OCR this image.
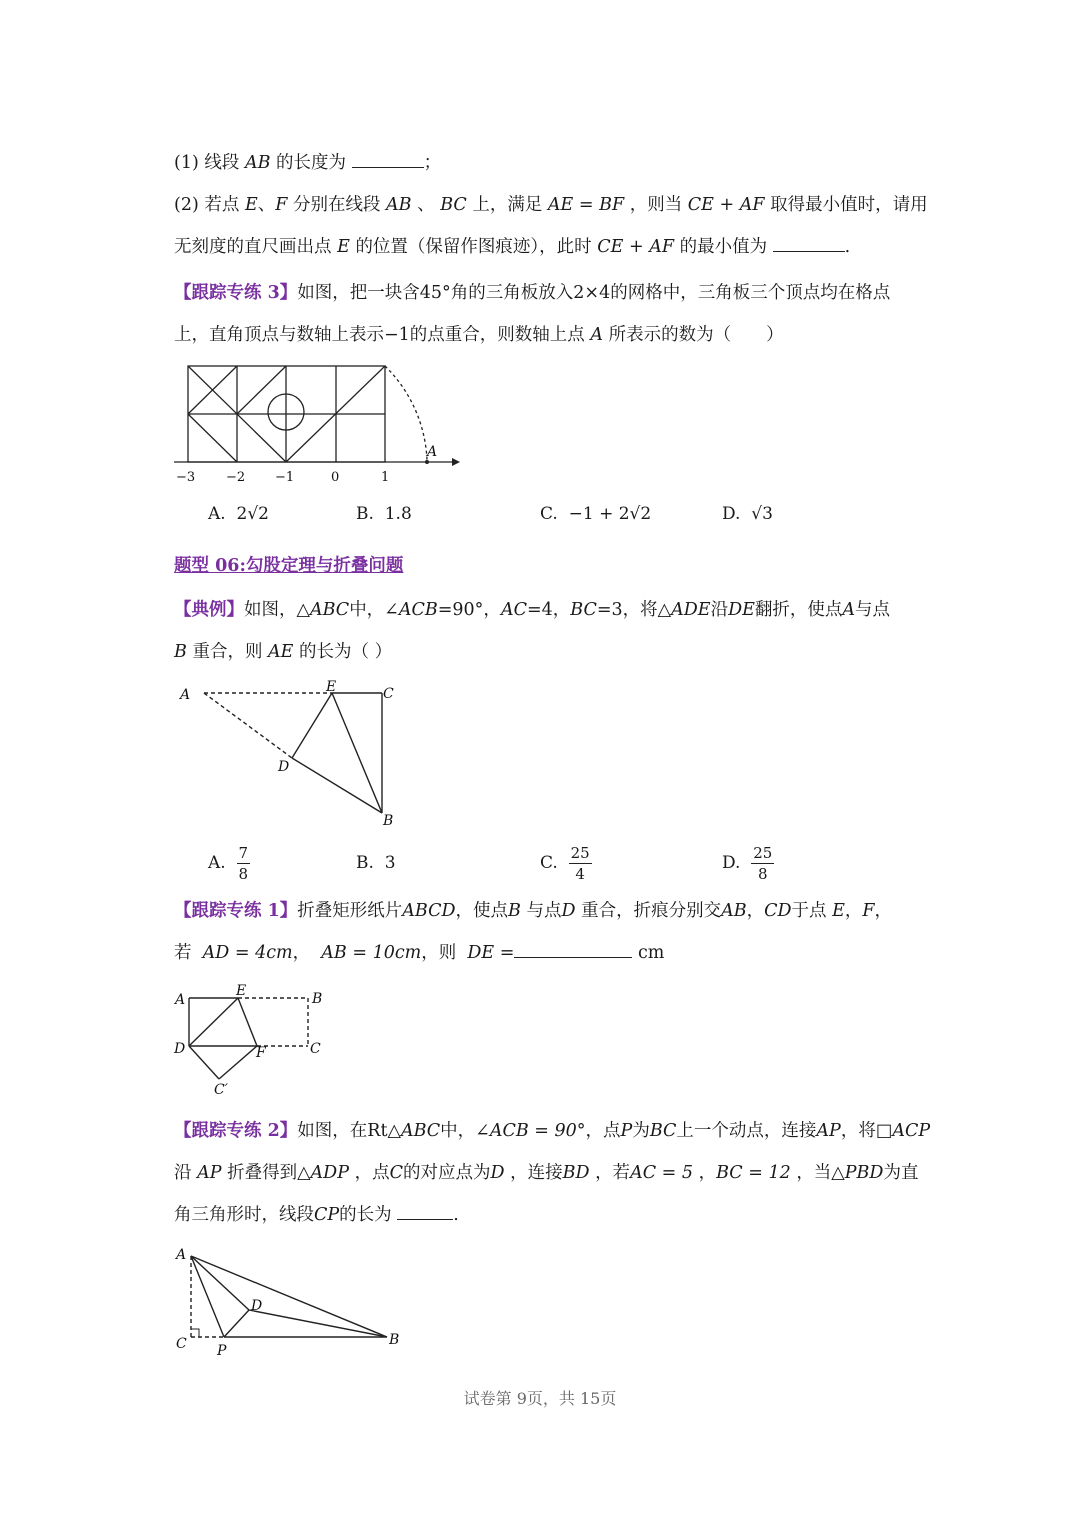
(1) 线段 AB 的长度为	；
(2) 若点 E、F 分别在线段 AB 、 BC 上，满足 AE = BF ，则当 CE + AF 取得最小值时，请用
无刻度的直尺画出点 E 的位置（保留作图痕迹），此时 CE + AF 的最小值为	.
【跟踪专练 3】如图，把一块含45°角的三角板放入2×4的网格中，三角板三个顶点均在格点
上，直角顶点与数轴上表示−1的点重合，则数轴上点 A 所表示的数为（　　）
A
−3 −2 −1	0	1
A. 2√2	B. 1.8	C. −1 + 2√2	D. √3
题型 06:勾股定理与折叠问题
【典例】如图，△ABC中，∠ACB=90°，AC=4，BC=3，将△ADE沿DE翻折，使点A与点
B 重合，则 AE 的长为（ ）
A	E	C
D
B
A. $\frac{7}{8}$	B. 3	C. $\frac{25}{4}$	D. $\frac{25}{8}$
【跟踪专练 1】折叠矩形纸片ABCD，使点B 与点D 重合，折痕分别交AB，CD于点 E，F，
若 AD = 4cm， AB = 10cm，则 DE =	cm
A
E	B
D	F	C
C′
【跟踪专练 2】如图，在Rt△ABC中，∠ACB = 90°，点P为BC上一个动点，连接AP，将□ACP
沿 AP 折叠得到△ADP ，点C的对应点为D ，连接BD ，若AC = 5 ，BC = 12 ，当△PBD为直
角三角形时，线段CP的长为	.
A
D
C P
B
试卷第 9页，共 15页
